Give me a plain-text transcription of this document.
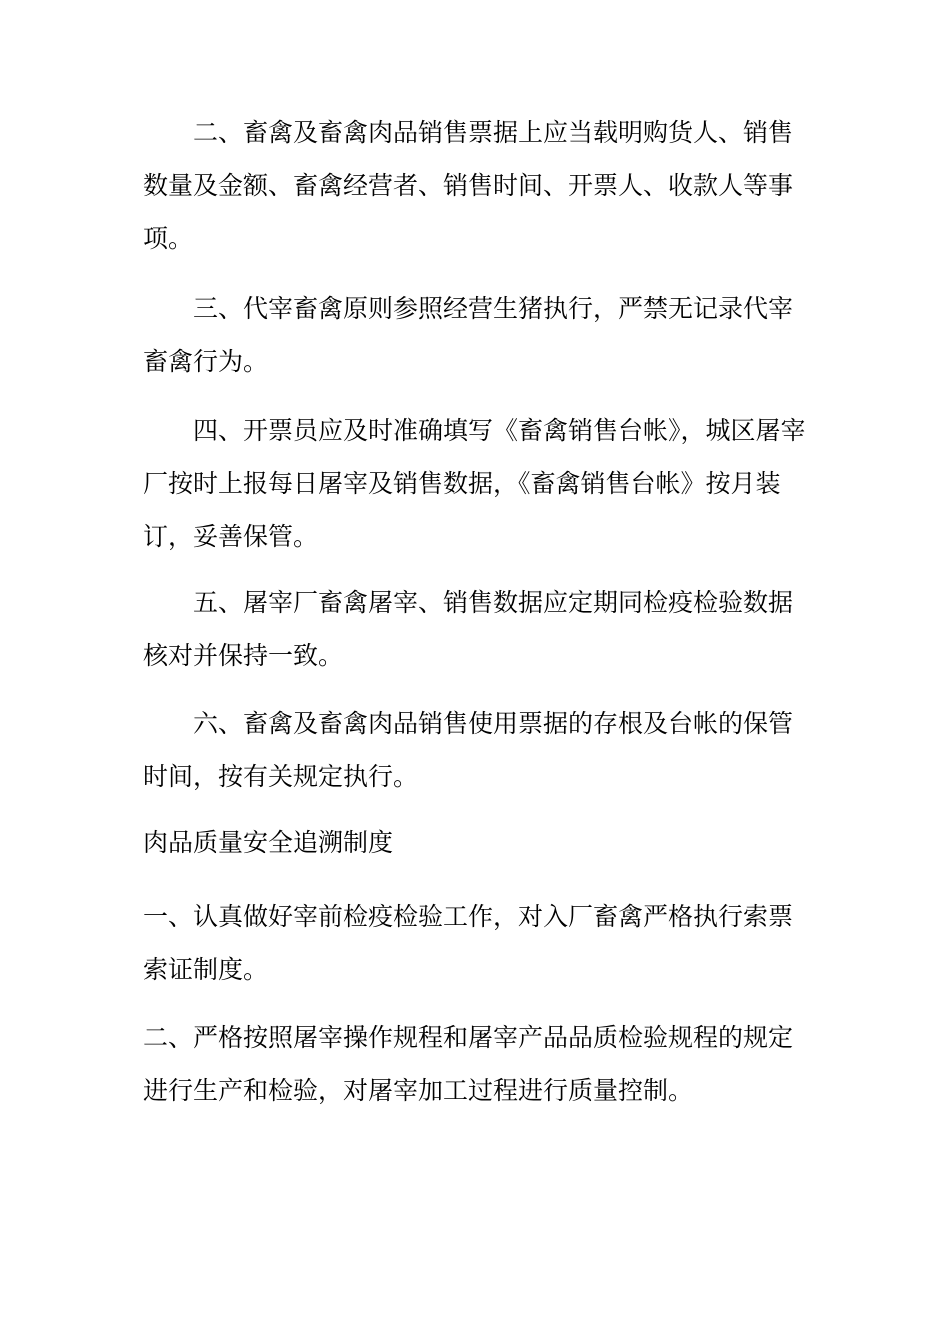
二、畜禽及畜禽肉品销售票据上应当载明购货人、销售数量及金额、畜禽经营者、销售时间、开票人、收款人等事项。

三、代宰畜禽原则参照经营生猪执行，严禁无记录代宰畜禽行为。

四、开票员应及时准确填写《畜禽销售台帐》，城区屠宰厂按时上报每日屠宰及销售数据，《畜禽销售台帐》按月装订，妥善保管。

五、屠宰厂畜禽屠宰、销售数据应定期同检疫检验数据核对并保持一致。

六、畜禽及畜禽肉品销售使用票据的存根及台帐的保管时间，按有关规定执行。

肉品质量安全追溯制度

一、认真做好宰前检疫检验工作，对入厂畜禽严格执行索票索证制度。

二、严格按照屠宰操作规程和屠宰产品品质检验规程的规定进行生产和检验，对屠宰加工过程进行质量控制。
